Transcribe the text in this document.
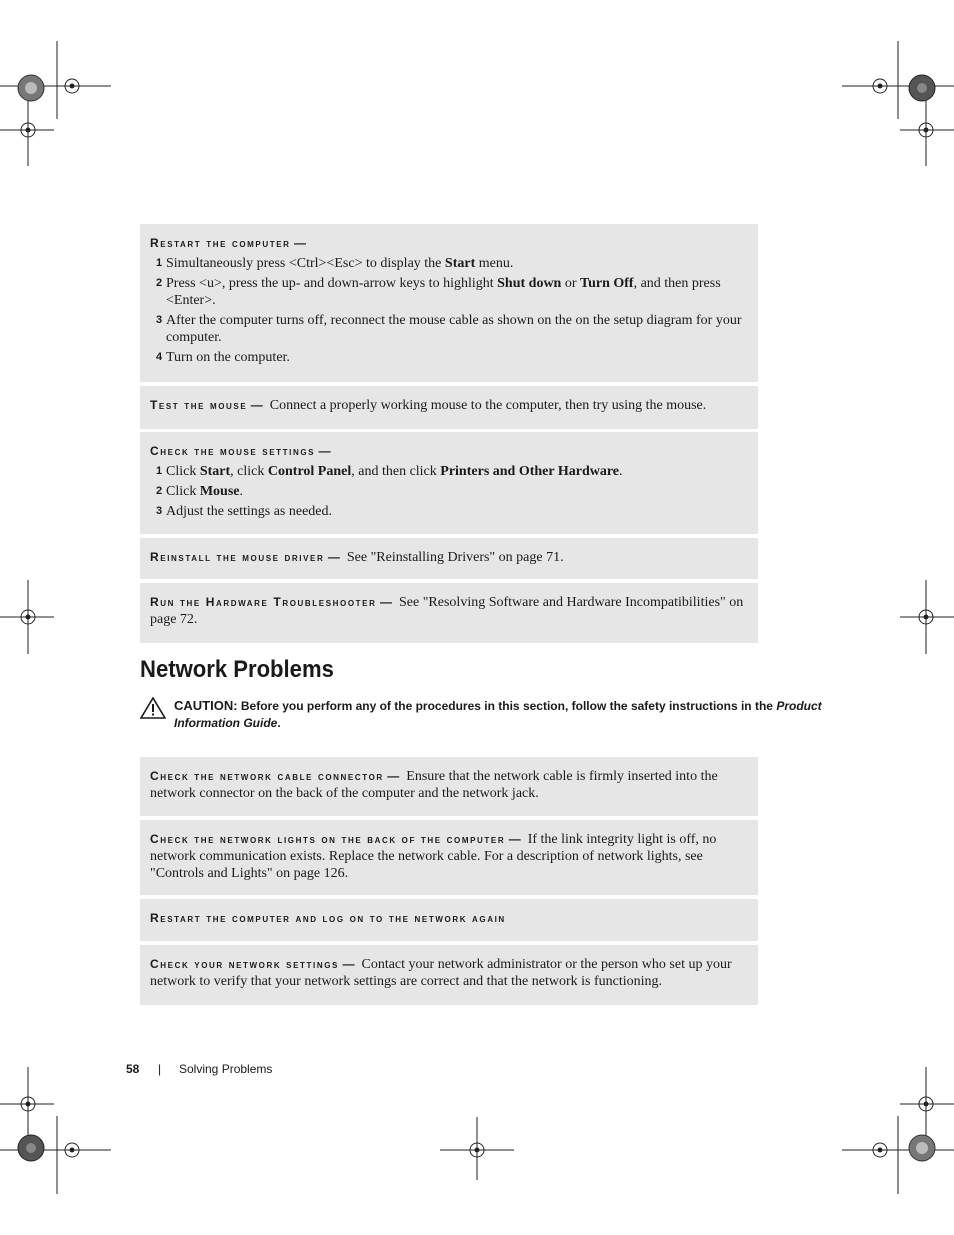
Restart the computer —
1 Simultaneously press <Ctrl><Esc> to display the Start menu.
2 Press <u>, press the up- and down-arrow keys to highlight Shut down or Turn Off, and then press <Enter>.
3 After the computer turns off, reconnect the mouse cable as shown on the on the setup diagram for your computer.
4 Turn on the computer.
Test the mouse — Connect a properly working mouse to the computer, then try using the mouse.
Check the mouse settings —
1 Click Start, click Control Panel, and then click Printers and Other Hardware.
2 Click Mouse.
3 Adjust the settings as needed.
Reinstall the mouse driver — See "Reinstalling Drivers" on page 71.
Run the Hardware Troubleshooter — See "Resolving Software and Hardware Incompatibilities" on page 72.
Network Problems
CAUTION: Before you perform any of the procedures in this section, follow the safety instructions in the Product Information Guide.
Check the network cable connector — Ensure that the network cable is firmly inserted into the network connector on the back of the computer and the network jack.
Check the network lights on the back of the computer — If the link integrity light is off, no network communication exists. Replace the network cable. For a description of network lights, see "Controls and Lights" on page 126.
Restart the computer and log on to the network again
Check your network settings — Contact your network administrator or the person who set up your network to verify that your network settings are correct and that the network is functioning.
58 | Solving Problems
